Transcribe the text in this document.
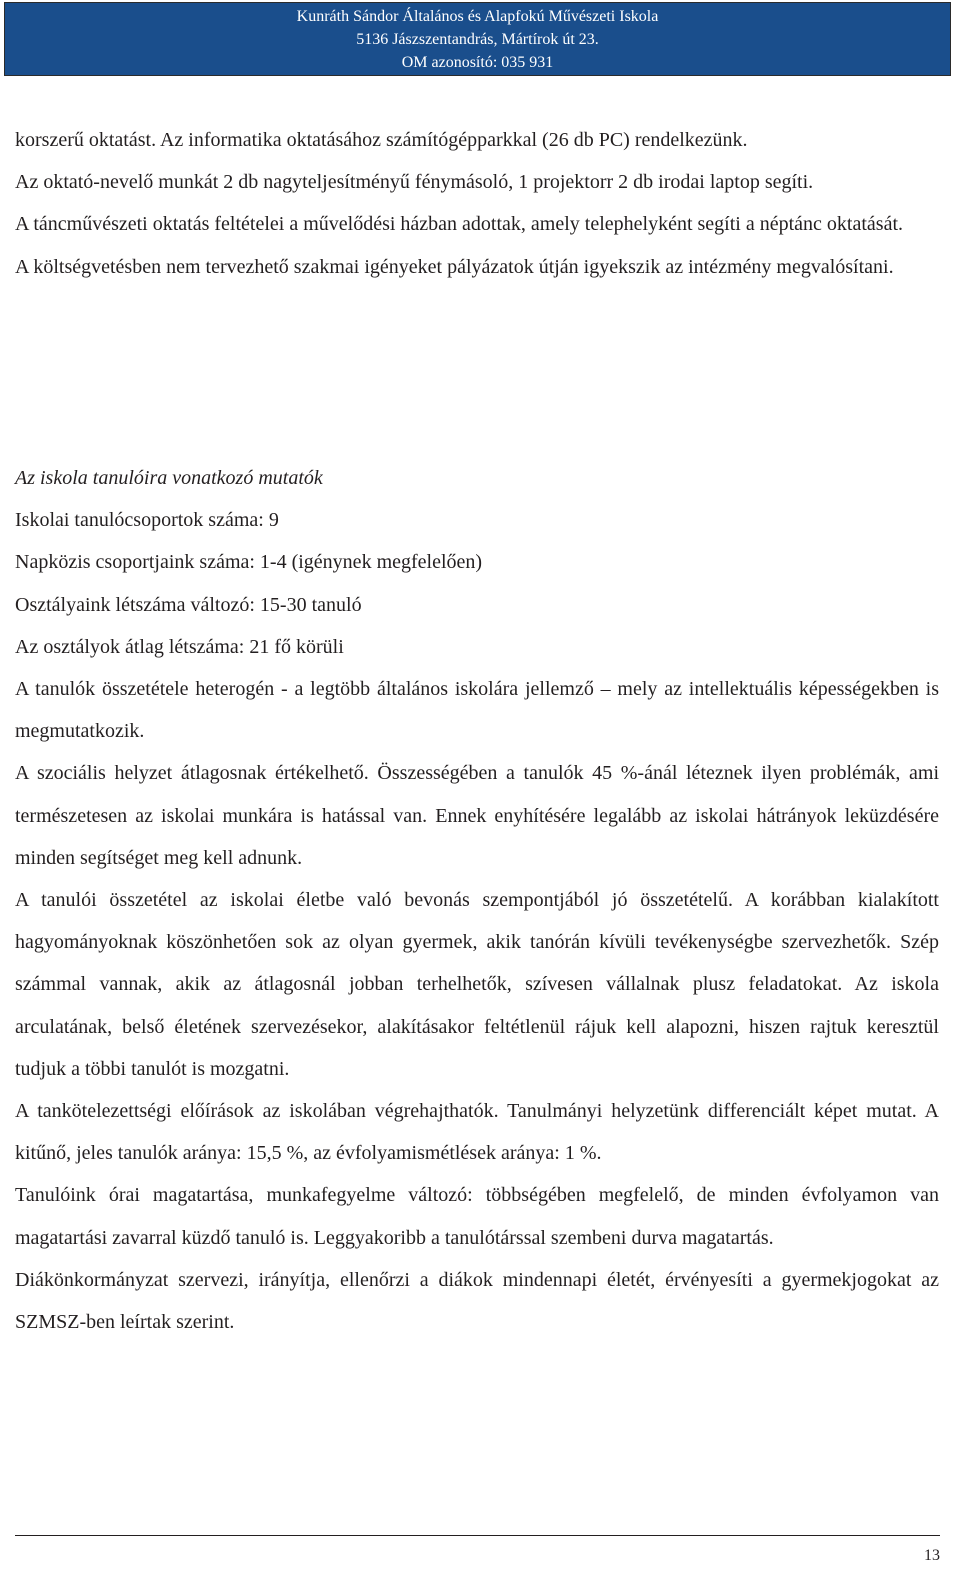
Kunráth Sándor Általános és Alapfokú Művészeti Iskola
5136 Jászszentandrás, Mártírok út 23.
OM azonosító: 035 931

korszerű oktatást. Az informatika oktatásához számítógépparkkal (26 db PC) rendelkezünk.

Az oktató-nevelő munkát 2 db nagyteljesítményű fénymásoló, 1 projektorr 2 db irodai laptop segíti.

A táncművészeti oktatás feltételei a művelődési házban adottak, amely telephelyként segíti a néptánc oktatását.

A költségvetésben nem tervezhető szakmai igényeket pályázatok útján igyekszik az intézmény megvalósítani.

Az iskola tanulóira vonatkozó mutatók

Iskolai tanulócsoportok száma: 9

Napközis csoportjaink száma: 1-4 (igénynek megfelelően)

Osztályaink létszáma változó: 15-30 tanuló

Az osztályok átlag létszáma: 21 fő körüli

A tanulók összetétele heterogén - a legtöbb általános iskolára jellemző – mely az intellektuális képességekben is megmutatkozik.

A szociális helyzet átlagosnak értékelhető. Összességében a tanulók 45 %-ánál léteznek ilyen problémák, ami természetesen az iskolai munkára is hatással van. Ennek enyhítésére legalább az iskolai hátrányok leküzdésére minden segítséget meg kell adnunk.

A tanulói összetétel az iskolai életbe való bevonás szempontjából jó összetételű. A korábban kialakított hagyományoknak köszönhetően sok az olyan gyermek, akik tanórán kívüli tevékenységbe szervezhetők. Szép számmal vannak, akik az átlagosnál jobban terhelhetők, szívesen vállalnak plusz feladatokat. Az iskola arculatának, belső életének szervezésekor, alakításakor feltétlenül rájuk kell alapozni, hiszen rajtuk keresztül tudjuk a többi tanulót is mozgatni.

A tankötelezettségi előírások az iskolában végrehajthatók. Tanulmányi helyzetünk differenciált képet mutat. A kitűnő, jeles tanulók aránya: 15,5 %, az évfolyamismétlések aránya: 1 %.

Tanulóink órai magatartása, munkafegyelme változó: többségében megfelelő, de minden évfolyamon van magatartási zavarral küzdő tanuló is. Leggyakoribb a tanulótárssal szembeni durva magatartás.

Diákönkormányzat szervezi, irányítja, ellenőrzi a diákok mindennapi életét, érvényesíti a gyermekjogokat az SZMSZ-ben leírtak szerint.

13
